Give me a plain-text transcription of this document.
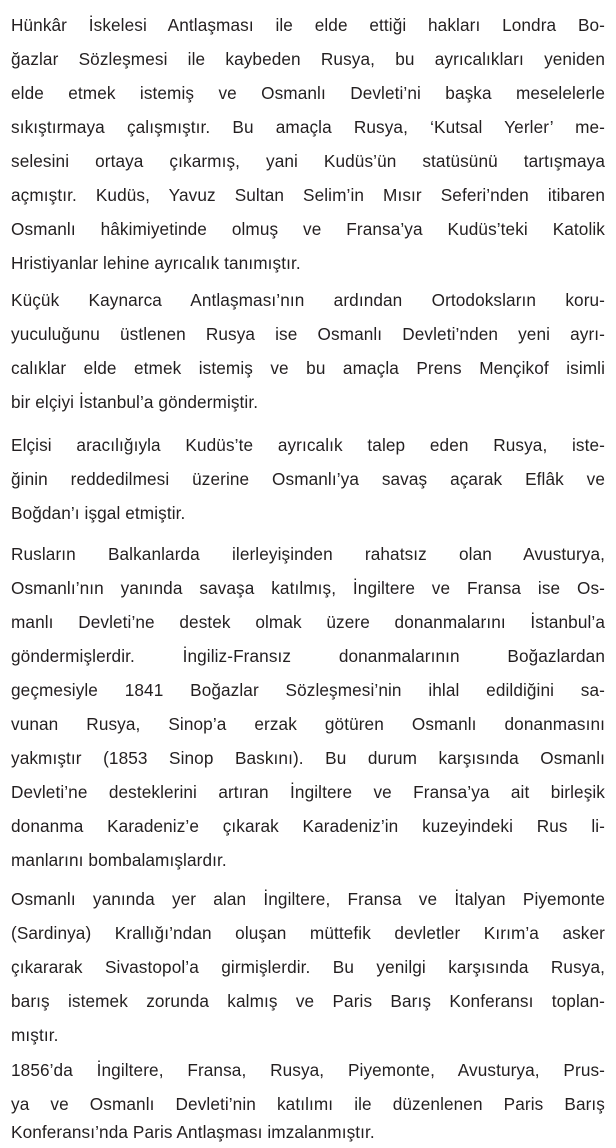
Hünkâr İskelesi Antlaşması ile elde ettiği hakları Londra Bo-
ğazlar Sözleşmesi ile kaybeden Rusya, bu ayrıcalıkları yeniden
elde etmek istemiş ve Osmanlı Devleti’ni başka meselelerle
sıkıştırmaya çalışmıştır. Bu amaçla Rusya, ‘Kutsal Yerler’ me-
selesini ortaya çıkarmış, yani Kudüs’ün statüsünü tartışmaya
açmıştır. Kudüs, Yavuz Sultan Selim’in Mısır Seferi’nden itibaren
Osmanlı hâkimiyetinde olmuş ve Fransa’ya Kudüs’teki Katolik
Hristiyanlar lehine ayrıcalık tanımıştır.
Küçük Kaynarca Antlaşması’nın ardından Ortodoksların koru-
yuculuğunu üstlenen Rusya ise Osmanlı Devleti’nden yeni ayrı-
calıklar elde etmek istemiş ve bu amaçla Prens Mençikof isimli
bir elçiyi İstanbul’a göndermiştir.
Elçisi aracılığıyla Kudüs’te ayrıcalık talep eden Rusya, iste-
ğinin reddedilmesi üzerine Osmanlı’ya savaş açarak Eflâk ve
Boğdan’ı işgal etmiştir.
Rusların Balkanlarda ilerleyişinden rahatsız olan Avusturya,
Osmanlı’nın yanında savaşa katılmış, İngiltere ve Fransa ise Os-
manlı Devleti’ne destek olmak üzere donanmalarını İstanbul’a
göndermişlerdir. İngiliz-Fransız donanmalarının Boğazlardan
geçmesiyle 1841 Boğazlar Sözleşmesi’nin ihlal edildiğini sa-
vunan Rusya, Sinop’a erzak götüren Osmanlı donanmasını
yakmıştır (1853 Sinop Baskını). Bu durum karşısında Osmanlı
Devleti’ne desteklerini artıran İngiltere ve Fransa’ya ait birleşik
donanma Karadeniz’e çıkarak Karadeniz’in kuzeyindeki Rus li-
manlarını bombalamışlardır.
Osmanlı yanında yer alan İngiltere, Fransa ve İtalyan Piyemonte
(Sardinya) Krallığı’ndan oluşan müttefik devletler Kırım’a asker
çıkararak Sivastopol’a girmişlerdir. Bu yenilgi karşısında Rusya,
barış istemek zorunda kalmış ve Paris Barış Konferansı toplan-
mıştır.
1856’da İngiltere, Fransa, Rusya, Piyemonte, Avusturya, Prus-
ya ve Osmanlı Devleti’nin katılımı ile düzenlenen Paris Barış
Konferansı’nda Paris Antlaşması imzalanmıştır.
